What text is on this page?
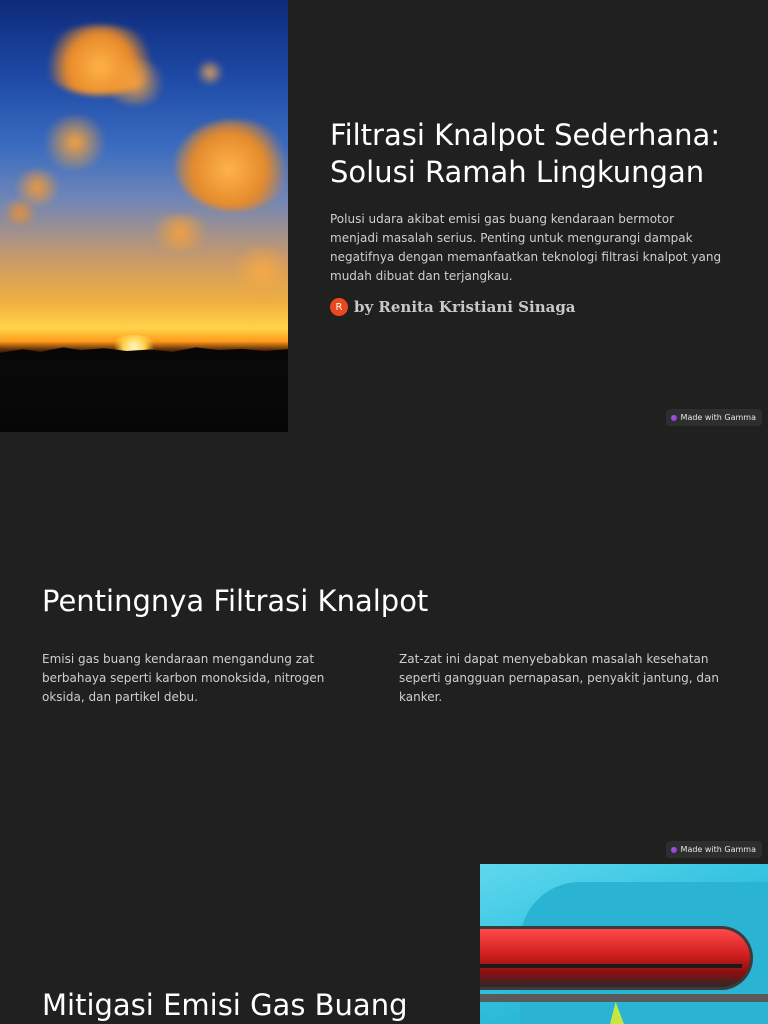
Filtrasi Knalpot Sederhana: Solusi Ramah Lingkungan

Polusi udara akibat emisi gas buang kendaraan bermotor menjadi masalah serius. Penting untuk mengurangi dampak negatifnya dengan memanfaatkan teknologi filtrasi knalpot yang mudah dibuat dan terjangkau.

R by Renita Kristiani Sinaga
Made with Gamma
Pentingnya Filtrasi Knalpot

Emisi gas buang kendaraan mengandung zat berbahaya seperti karbon monoksida, nitrogen oksida, dan partikel debu.

Zat-zat ini dapat menyebabkan masalah kesehatan seperti gangguan pernapasan, penyakit jantung, dan kanker.

Made with Gamma
Mitigasi Emisi Gas Buang
